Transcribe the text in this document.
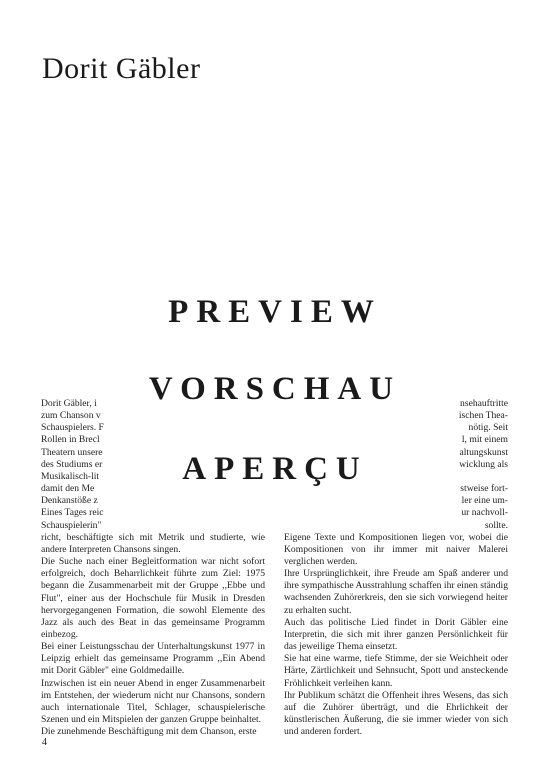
Dorit Gäbler

Dorit Gäbler, i

zum Chanson v

Schauspielers. F

Rollen in Brecl

Theatern unsere

des Studiums er

Musikalisch-lit

damit den Me

Denkanstöße z

Eines Tages reic

Schauspielerin"

richt, beschäftigte sich mit Metrik und studierte, wie andere Interpreten Chansons singen.

Die Suche nach einer Begleitformation war nicht sofort erfolgreich, doch Beharrlichkeit führte zum Ziel: 1975 begann die Zusammenarbeit mit der Gruppe ,,Ebbe und Flut", einer aus der Hochschule für Musik in Dresden hervorgegangenen Formation, die sowohl Elemente des Jazz als auch des Beat in das gemeinsame Programm einbezog.

Bei einer Leistungsschau der Unterhaltungskunst 1977 in Leipzig erhielt das gemeinsame Programm ,,Ein Abend mit Dorit Gäbler" eine Goldmedaille.

Inzwischen ist ein neuer Abend in enger Zusammenarbeit im Entstehen, der wiederum nicht nur Chansons, sondern auch internationale Titel, Schlager, schauspielerische Szenen und ein Mitspielen der ganzen Gruppe beinhaltet.

Die zunehmende Beschäftigung mit dem Chanson, erste

nsehauftritte

ischen Thea-

nötig. Seit

l, mit einem

altungskunst

wicklung als

stweise fort-

ler eine um-

ur nachvoll-

sollte.

Eigene Texte und Kompositionen liegen vor, wobei die Kompositionen von ihr immer mit naiver Malerei verglichen werden.

Ihre Ursprünglichkeit, ihre Freude am Spaß anderer und ihre sympathische Ausstrahlung schaffen ihr einen ständig wachsenden Zuhörerkreis, den sie sich vorwiegend heiter zu erhalten sucht.

Auch das politische Lied findet in Dorit Gäbler eine Interpretin, die sich mit ihrer ganzen Persönlichkeit für das jeweilige Thema einsetzt.

Sie hat eine warme, tiefe Stimme, der sie Weichheit oder Härte, Zärtlichkeit und Sehnsucht, Spott und ansteckende Fröhlichkeit verleihen kann.

Ihr Publikum schätzt die Offenheit ihres Wesens, das sich auf die Zuhörer überträgt, und die Ehrlichkeit der künstlerischen Äußerung, die sie immer wieder von sich und anderen fordert.

PREVIEW
VORSCHAU
APERÇU
4
